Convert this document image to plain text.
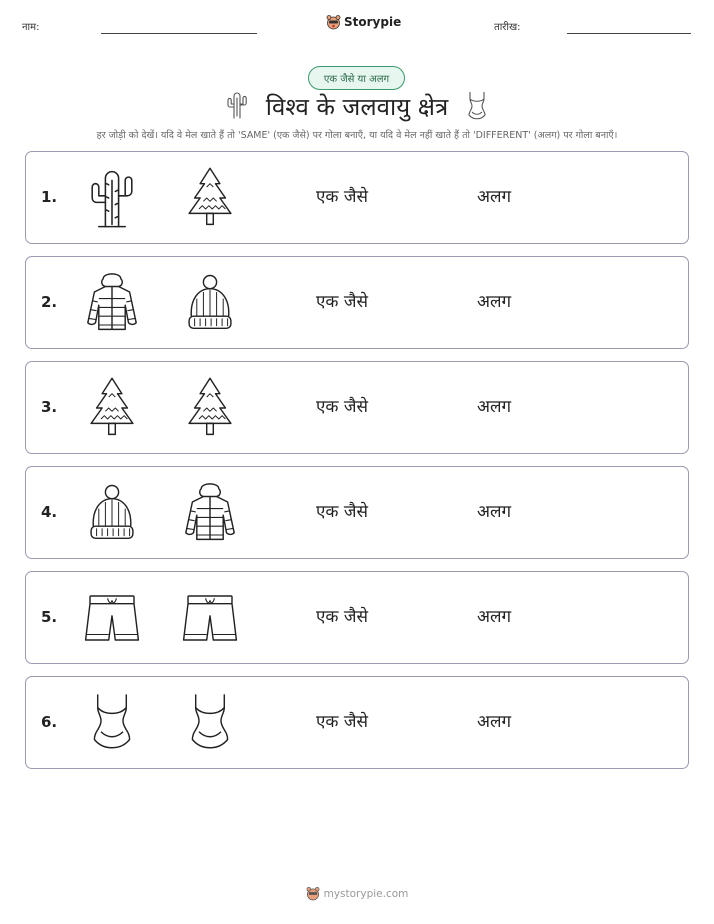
नाम:	Storypie	तारीख:
एक जैसे या अलग
विश्व के जलवायु क्षेत्र
हर जोड़ी को देखें। यदि वे मेल खाते हैं तो 'SAME' (एक जैसे) पर गोला बनाएँ, या यदि वे मेल नहीं खाते हैं तो 'DIFFERENT' (अलग) पर गोला बनाएँ।
1.	एक जैसे	अलग
2.	एक जैसे	अलग
3.	एक जैसे	अलग
4.	एक जैसे	अलग
5.	एक जैसे	अलग
6.	एक जैसे	अलग
mystorypie.com
